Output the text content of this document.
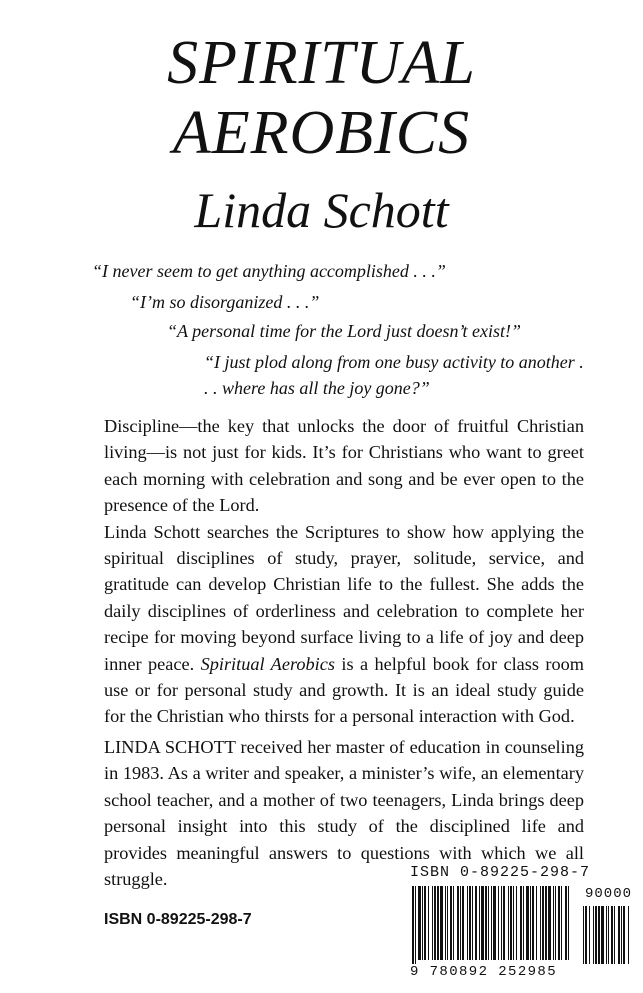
SPIRITUAL
AEROBICS
Linda Schott
“I never seem to get anything accomplished . . .”
“I’m so disorganized . . .”
“A personal time for the Lord just doesn’t exist!”
“I just plod along from one busy activity to another . . . where has all the joy gone?”

Discipline—the key that unlocks the door of fruitful Christian living—is not just for kids. It’s for Christians who want to greet each morning with celebration and song and be ever open to the presence of the Lord.

Linda Schott searches the Scriptures to show how applying the spiritual disciplines of study, prayer, solitude, service, and gratitude can develop Christian life to the fullest. She adds the daily disciplines of orderliness and celebration to complete her recipe for moving beyond surface living to a life of joy and deep inner peace. Spiritual Aerobics is a helpful book for class room use or for personal study and growth. It is an ideal study guide for the Christian who thirsts for a personal interaction with God.

LINDA SCHOTT received her master of education in counseling in 1983. As a writer and speaker, a minister’s wife, an elementary school teacher, and a mother of two teenagers, Linda brings deep personal insight into this study of the disciplined life and provides meaningful answers to questions with which we all struggle.

ISBN 0-89225-298-7
ISBN 0-89225-298-7
90000
9 780892 252985
